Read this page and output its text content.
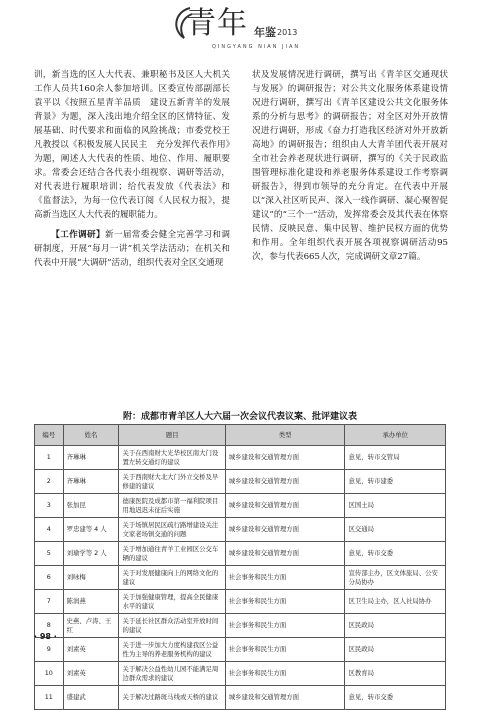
青年 年鉴 2013
QINGYANG NIAN JIAN

训，新当选的区人大代表、兼职秘书及区人大机关工作人员共160余人参加培训。区委宣传部副部长袁平以《按照五星青羊品质　建设五新青羊的发展背景》为题，深入浅出地介绍全区的区情特征、发展基础、时代要求和面临的风险挑战；市委党校王凡教授以《积极发展人民民主　充分发挥代表作用》为题，阐述人大代表的性质、地位、作用、履职要求。常委会还结合各代表小组视察、调研等活动，对代表进行履职培训；给代表发放《代表法》和《监督法》，为每一位代表订阅《人民权力报》，提高新当选区人大代表的履职能力。

【工作调研】新一届常委会健全完善学习和调研制度，开展“每月一讲”机关学法活动；在机关和代表中开展“大调研”活动，组织代表对全区交通现

状及发展情况进行调研，撰写出《青羊区交通现状与发展》的调研报告；对公共文化服务体系建设情况进行调研，撰写出《青羊区建设公共文化服务体系的分析与思考》的调研报告；对全区对外开放情况进行调研，形成《奋力打造我区经济对外开放新高地》的调研报告；组织由人大青羊团代表开展对全市社会养老现状进行调研，撰写的《关于民政监围管理标准化建设和养老服务体系建设工作考察调研报告》，得到市领导的充分肯定。在代表中开展以“深入社区听民声、深入一线作调研、凝心聚智促建议”的“三个一”活动，发挥常委会及其代表在体察民情、反映民意、集中民智、维护民权方面的优势和作用。全年组织代表开展各项视察调研活动95次，参与代表665人次，完成调研文章27篇。

附：成都市青羊区人大六届一次会议代表议案、批评建议表
编号	姓名	题目	类型	承办单位
1	齐琳琳	关于在西南财大光华校区南大门设置左转交通灯的建议	城乡建设和交通管理方面	意见，转市交管局
2	齐琳琳	关于西南财大北大门外立交桥及早修建的建议	城乡建设和交通管理方面	意见，转市建委
3	张加昆	德康医院及成都市第一福利院项目用地迟迟未征后实施	城乡建设和交通管理方面	区国土局
4	罗忠建等 4 人	关于场镇居民区疏行路增建设关注文家老场镇交通的问题	城乡建设和交通管理方面	区交通局
5	刘瑜学等 2 人	关于增加通往青羊工业园区公交车辆的建议	城乡建设和交通管理方面	意见，转市交委
6	刘咏梅	关于对发展健康向上的网络文化的建议	社会事务和民生方面	宣传部主办，区文体旅局、公安分局协办
7	陈润燕	关于加强健康管理，提高全民健康水平的建议	社会事务和民生方面	区卫生局主办，区人社局协办
8	史燕、卢涛、王红	关于延长社区群众活动室开放时间的建议	社会事务和民生方面	区民政局
9	刘素英	关于进一步加大力度构建我区公益性为主导的养老服务机构的建议	社会事务和民生方面	区民政局
10	刘素英	关于解决公益性幼儿园不能满足周边群众需求的建议	社会事务和民生方面	区教育局
11	盛建武	关于解决过路斑马线或天桥的建议	城乡建设和交通管理方面	意见，转市交委
· 98 ·
